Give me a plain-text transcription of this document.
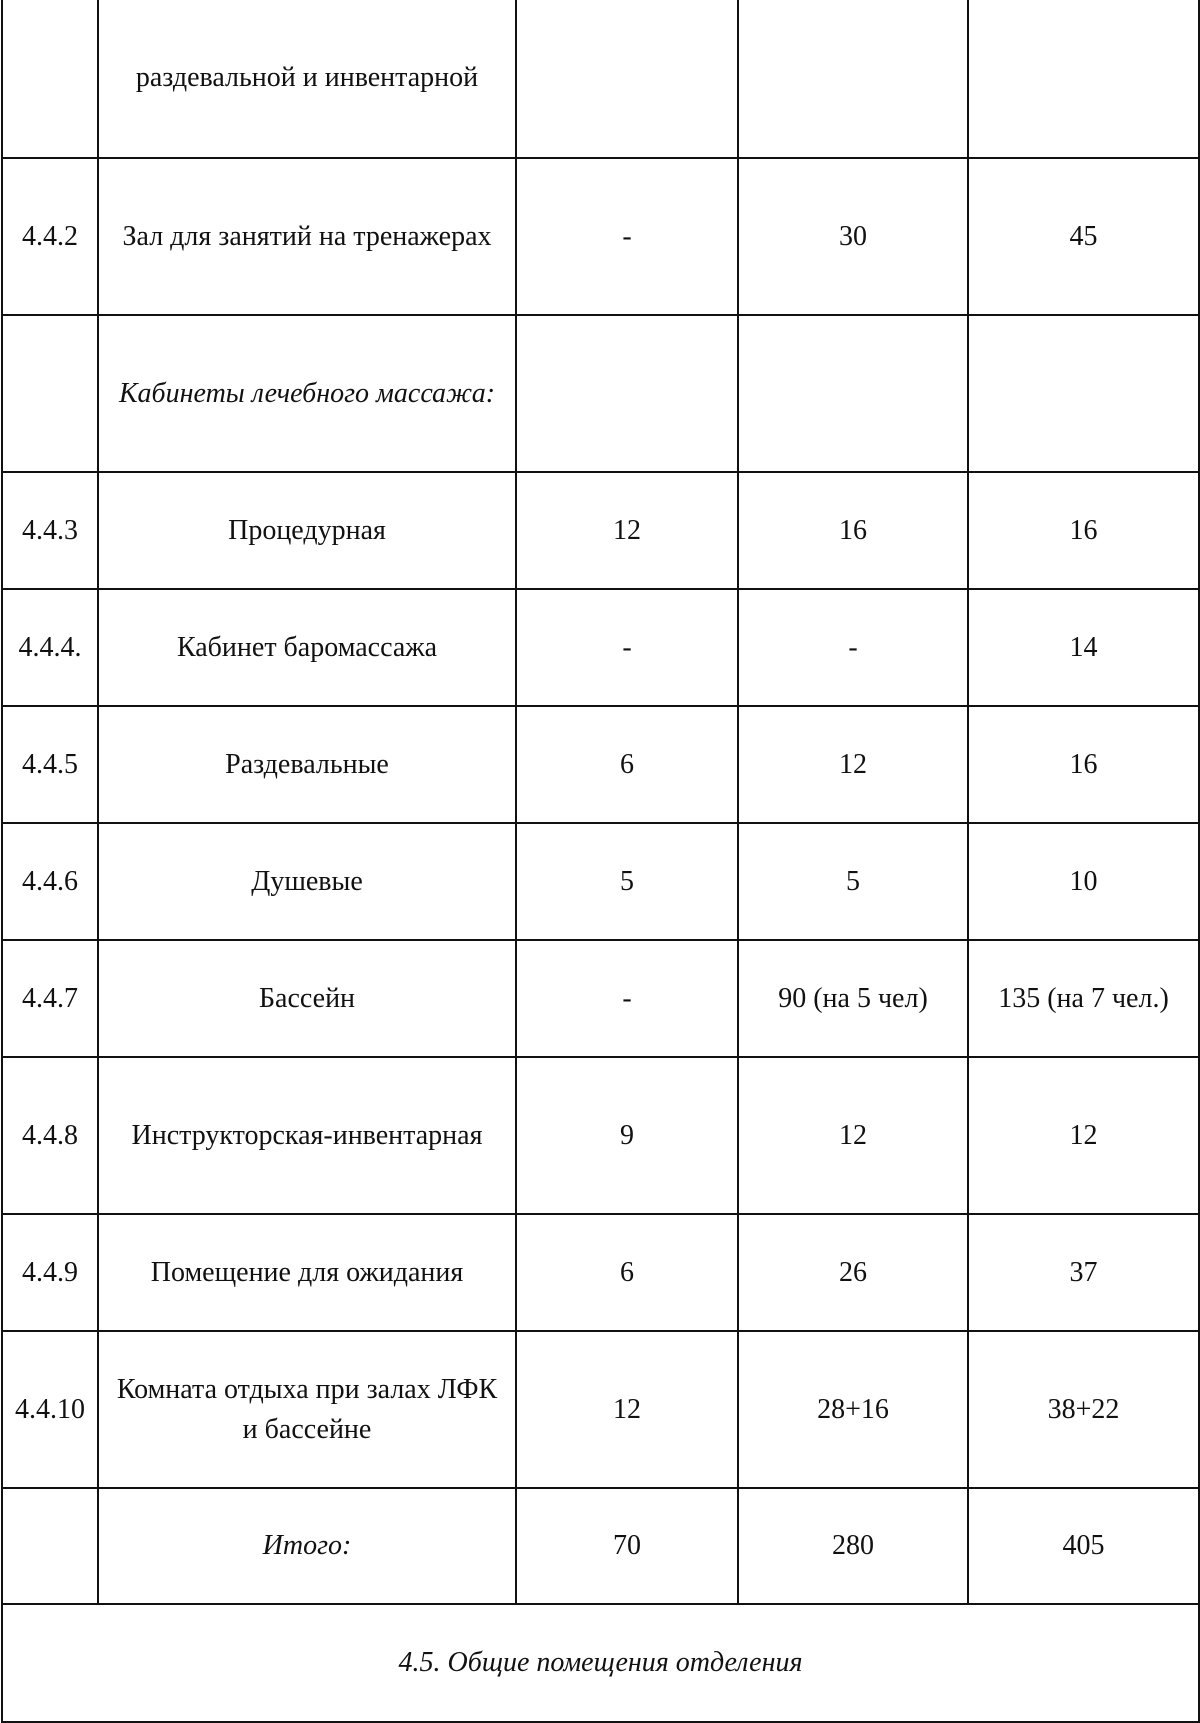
	раздевальной и инвентарной			
4.4.2	Зал для занятий на тренажерах	-	30	45
	Кабинеты лечебного массажа:			
4.4.3	Процедурная	12	16	16
4.4.4.	Кабинет баромассажа	-	-	14
4.4.5	Раздевальные	6	12	16
4.4.6	Душевые	5	5	10
4.4.7	Бассейн	-	90 (на 5 чел)	135 (на 7 чел.)
4.4.8	Инструкторская-инвентарная	9	12	12
4.4.9	Помещение для ожидания	6	26	37
4.4.10	Комната отдыха при залах ЛФК и бассейне	12	28+16	38+22
	Итого:	70	280	405
4.5. Общие помещения отделения				
